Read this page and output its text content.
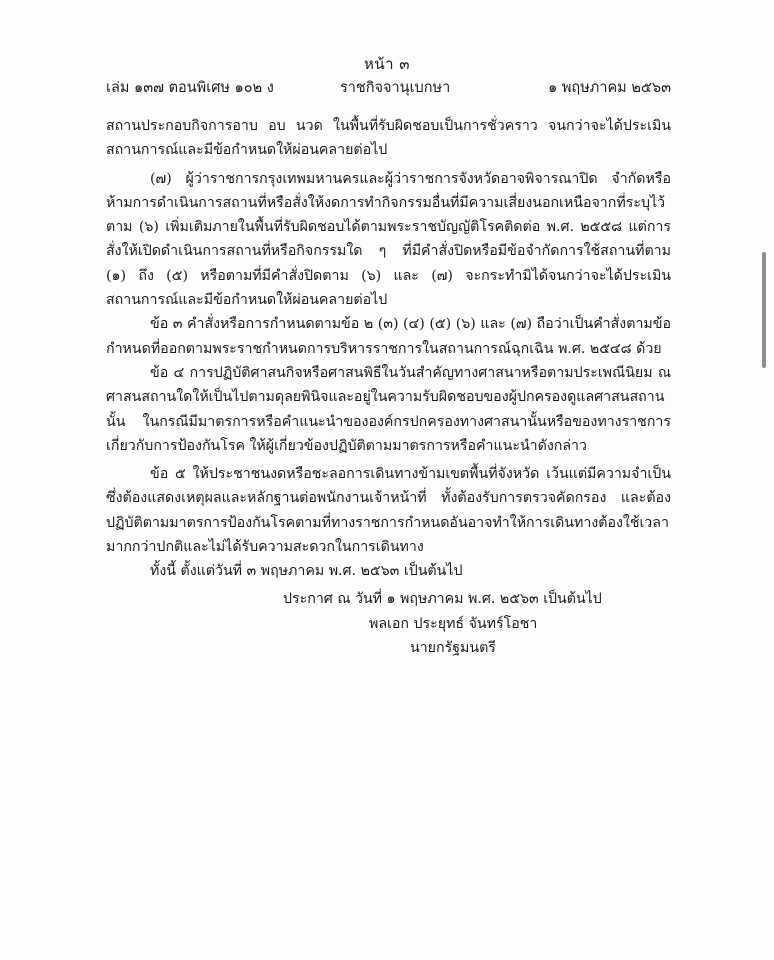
หน้า ๓
เล่ม ๑๓๗ ตอนพิเศษ ๑๐๒ ง	ราชกิจจานุเบกษา	๑ พฤษภาคม ๒๕๖๓

สถานประกอบกิจการอาบ อบ นวด ในพื้นที่รับผิดชอบเป็นการชั่วคราว จนกว่าจะได้ประเมินสถานการณ์และมีข้อกำหนดให้ผ่อนคลายต่อไป

(๗) ผู้ว่าราชการกรุงเทพมหานครและผู้ว่าราชการจังหวัดอาจพิจารณาปิด จำกัดหรือห้ามการดำเนินการสถานที่หรือสั่งให้งดการทำกิจกรรมอื่นที่มีความเสี่ยงนอกเหนือจากที่ระบุไว้ตาม (๖) เพิ่มเติมภายในพื้นที่รับผิดชอบได้ตามพระราชบัญญัติโรคติดต่อ พ.ศ. ๒๕๕๘ แต่การสั่งให้เปิดดำเนินการสถานที่หรือกิจกรรมใด ๆ ที่มีคำสั่งปิดหรือมีข้อจำกัดการใช้สถานที่ตาม (๑) ถึง (๕) หรือตามที่มีคำสั่งปิดตาม (๖) และ (๗) จะกระทำมิได้จนกว่าจะได้ประเมินสถานการณ์และมีข้อกำหนดให้ผ่อนคลายต่อไป

ข้อ ๓ คำสั่งหรือการกำหนดตามข้อ ๒ (๓) (๔) (๕) (๖) และ (๗) ถือว่าเป็นคำสั่งตามข้อกำหนดที่ออกตามพระราชกำหนดการบริหารราชการในสถานการณ์ฉุกเฉิน พ.ศ. ๒๕๔๘ ด้วย

ข้อ ๔ การปฏิบัติศาสนกิจหรือศาสนพิธีในวันสำคัญทางศาสนาหรือตามประเพณีนิยม ณ ศาสนสถานใดให้เป็นไปตามดุลยพินิจและอยู่ในความรับผิดชอบของผู้ปกครองดูแลศาสนสถานนั้น ในกรณีมีมาตรการหรือคำแนะนำขององค์กรปกครองทางศาสนานั้นหรือของทางราชการเกี่ยวกับการป้องกันโรค ให้ผู้เกี่ยวข้องปฏิบัติตามมาตรการหรือคำแนะนำดังกล่าว

ข้อ ๕ ให้ประชาชนงดหรือชะลอการเดินทางข้ามเขตพื้นที่จังหวัด เว้นแต่มีความจำเป็นซึ่งต้องแสดงเหตุผลและหลักฐานต่อพนักงานเจ้าหน้าที่ ทั้งต้องรับการตรวจคัดกรอง และต้องปฏิบัติตามมาตรการป้องกันโรคตามที่ทางราชการกำหนดอันอาจทำให้การเดินทางต้องใช้เวลามากกว่าปกติและไม่ได้รับความสะดวกในการเดินทาง

ทั้งนี้ ตั้งแต่วันที่ ๓ พฤษภาคม พ.ศ. ๒๕๖๓ เป็นต้นไป

ประกาศ ณ วันที่ ๑ พฤษภาคม พ.ศ. ๒๕๖๓ เป็นต้นไป
พลเอก ประยุทธ์ จันทร์โอชา
นายกรัฐมนตรี
